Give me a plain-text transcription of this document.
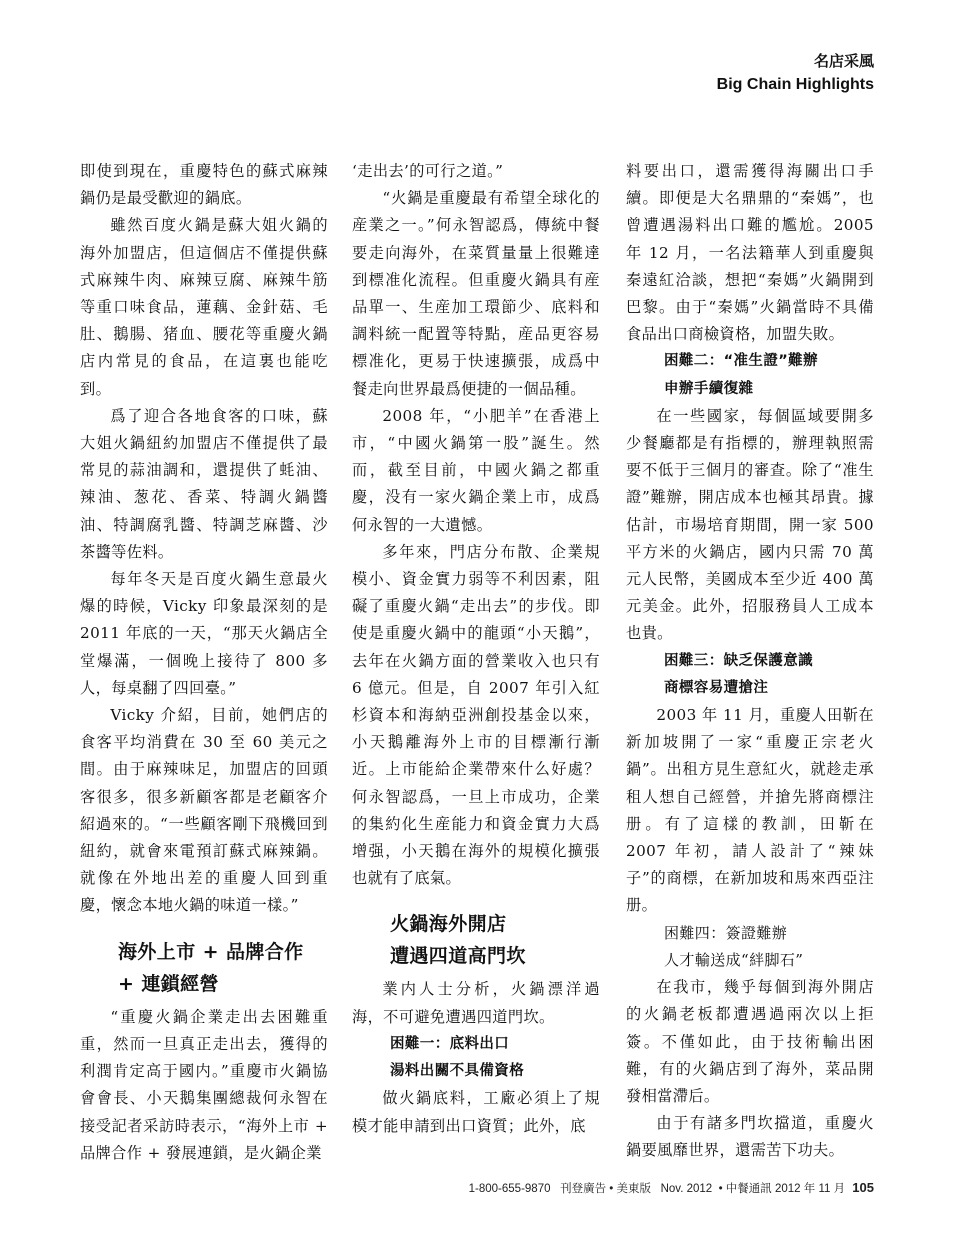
名店采風
Big Chain Highlights

即使到現在，重慶特色的蘇式麻辣鍋仍是最受歡迎的鍋底。

雖然百度火鍋是蘇大姐火鍋的海外加盟店，但這個店不僅提供蘇式麻辣牛肉、麻辣豆腐、麻辣牛筋等重口味食品，蓮藕、金針菇、毛肚、鵝腸、猪血、腰花等重慶火鍋店内常見的食品，在這裏也能吃到。

爲了迎合各地食客的口味，蘇大姐火鍋紐約加盟店不僅提供了最常見的蒜油調和，還提供了蚝油、辣油、葱花、香菜、特調火鍋醬油、特調腐乳醬、特調芝麻醬、沙茶醬等佐料。

每年冬天是百度火鍋生意最火爆的時候，Vicky 印象最深刻的是 2011 年底的一天，“那天火鍋店全堂爆滿，一個晚上接待了 800 多人，每桌翻了四回臺。”

Vicky 介紹，目前，她們店的食客平均消費在 30 至 60 美元之間。由于麻辣味足，加盟店的回頭客很多，很多新顧客都是老顧客介紹過來的。“一些顧客剛下飛機回到紐約，就會來電預訂蘇式麻辣鍋。就像在外地出差的重慶人回到重慶，懷念本地火鍋的味道一樣。”

海外上市 + 品牌合作
+ 連鎖經營

“重慶火鍋企業走出去困難重重，然而一旦真正走出去，獲得的利潤肯定高于國内。”重慶市火鍋協會會長、小天鵝集團總裁何永智在接受記者采訪時表示，“海外上市 + 品牌合作 + 發展連鎖，是火鍋企業

‘走出去’的可行之道。”

“火鍋是重慶最有希望全球化的産業之一。”何永智認爲，傳統中餐要走向海外，在菜質量量上很難達到標准化流程。但重慶火鍋具有産品單一、生産加工環節少、底料和調料統一配置等特點，産品更容易標准化，更易于快速擴張，成爲中餐走向世界最爲便捷的一個品種。

2008 年，“小肥羊”在香港上市，“中國火鍋第一股”誕生。然而，截至目前，中國火鍋之都重慶，没有一家火鍋企業上市，成爲何永智的一大遺憾。

多年來，門店分布散、企業規模小、資金實力弱等不利因素，阻礙了重慶火鍋“走出去”的步伐。即使是重慶火鍋中的龍頭“小天鵝”，去年在火鍋方面的營業收入也只有 6 億元。但是，自 2007 年引入紅杉資本和海納亞洲創投基金以來，小天鵝離海外上市的目標漸行漸近。上市能給企業帶來什么好處？何永智認爲，一旦上市成功，企業的集約化生産能力和資金實力大爲增强，小天鵝在海外的規模化擴張也就有了底氣。

火鍋海外開店
遭遇四道高門坎

業内人士分析，火鍋漂洋過海，不可避免遭遇四道門坎。

困難一：底料出口
湯料出關不具備資格

做火鍋底料，工廠必須上了規模才能申請到出口資質；此外，底

料要出口，還需獲得海關出口手續。即便是大名鼎鼎的“秦媽”，也曾遭遇湯料出口難的尷尬。2005 年 12 月，一名法籍華人到重慶與秦遠紅洽談，想把“秦媽”火鍋開到巴黎。由于“秦媽”火鍋當時不具備食品出口商檢資格，加盟失敗。

困難二：“准生證”難辦
申辦手續復雜

在一些國家，每個區域要開多少餐廳都是有指標的，辦理執照需要不低于三個月的審查。除了“准生證”難辦，開店成本也極其昂貴。據估計，市場培育期間，開一家 500 平方米的火鍋店，國内只需 70 萬元人民幣，美國成本至少近 400 萬元美金。此外，招服務員人工成本也貴。

困難三：缺乏保護意識
商標容易遭搶注

2003 年 11 月，重慶人田靳在新加坡開了一家“重慶正宗老火鍋”。出租方見生意紅火，就趁走承租人想自己經營，并搶先將商標注册。有了這樣的教訓，田靳在 2007 年初，請人設計了“辣妹子”的商標，在新加坡和馬來西亞注册。

困難四：簽證難辦
人才輸送成“絆脚石”

在我市，幾乎每個到海外開店的火鍋老板都遭遇過兩次以上拒簽。不僅如此，由于技術輸出困難，有的火鍋店到了海外，菜品開發相當滯后。

由于有諸多門坎擋道，重慶火鍋要風靡世界，還需苦下功夫。

1-800-655-9870 刊登廣告 • 美東版 Nov. 2012 • 中餐通訊 2012 年 11 月 105
